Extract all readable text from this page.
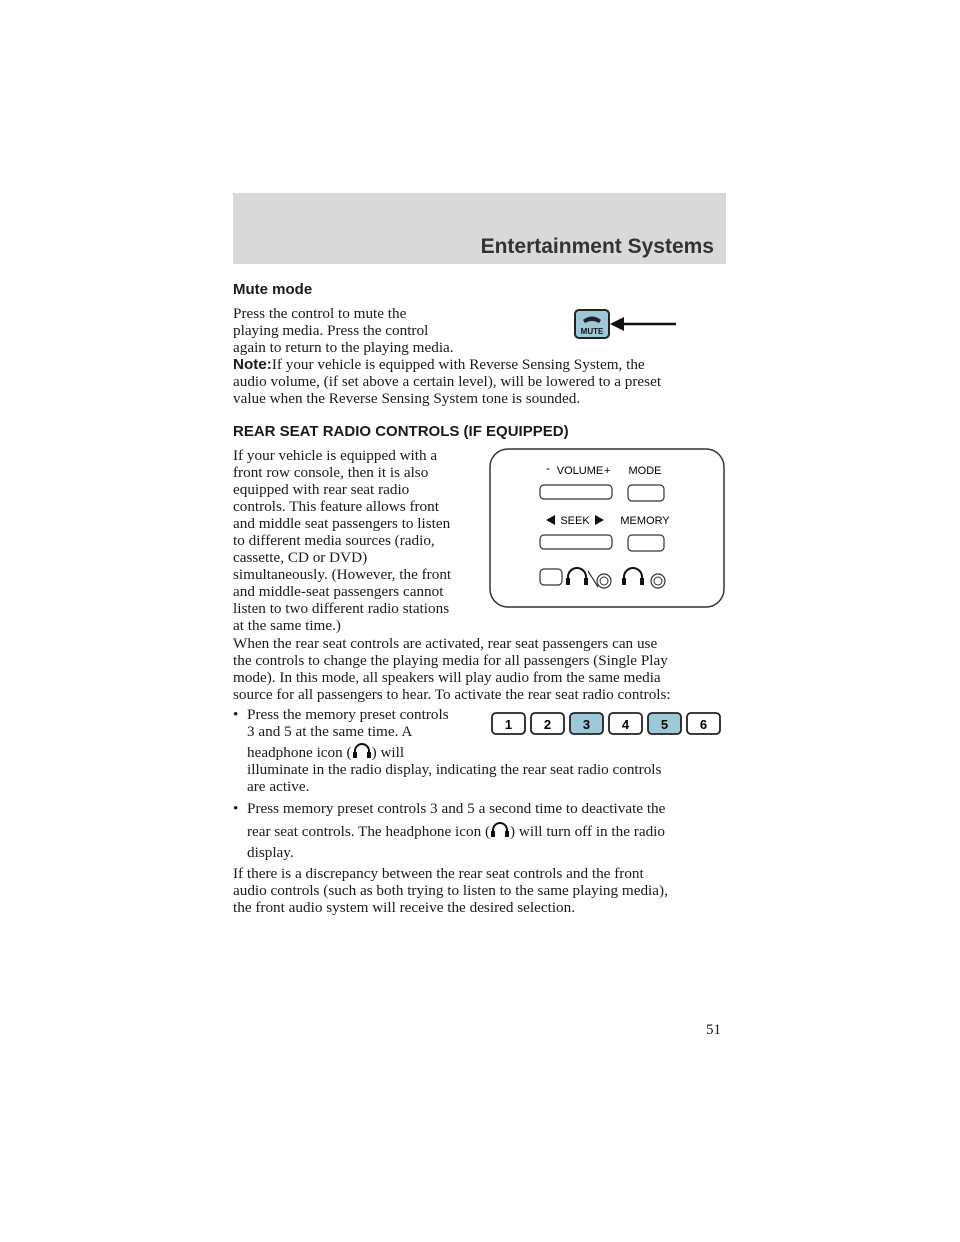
Entertainment Systems
Mute mode
Press the control to mute the
playing media. Press the control
again to return to the playing media.
MUTE
Note:If your vehicle is equipped with Reverse Sensing System, the
audio volume, (if set above a certain level), will be lowered to a preset
value when the Reverse Sensing System tone is sounded.
REAR SEAT RADIO CONTROLS (IF EQUIPPED)
If your vehicle is equipped with a
front row console, then it is also
equipped with rear seat radio
controls. This feature allows front
and middle seat passengers to listen
to different media sources (radio,
cassette, CD or DVD)
simultaneously. (However, the front
and middle-seat passengers cannot
listen to two different radio stations
at the same time.)
- VOLUME + MODE
SEEK	MEMORY
When the rear seat controls are activated, rear seat passengers can use
the controls to change the playing media for all passengers (Single Play
mode). In this mode, all speakers will play audio from the same media
source for all passengers to hear. To activate the rear seat radio controls:
• Press the memory preset controls
3 and 5 at the same time. A
headphone icon ( ) will
illuminate in the radio display, indicating the rear seat radio controls
are active.
1 2 3 4 5 6
• Press memory preset controls 3 and 5 a second time to deactivate the
rear seat controls. The headphone icon ( ) will turn off in the radio
display.
If there is a discrepancy between the rear seat controls and the front
audio controls (such as both trying to listen to the same playing media),
the front audio system will receive the desired selection.
51
